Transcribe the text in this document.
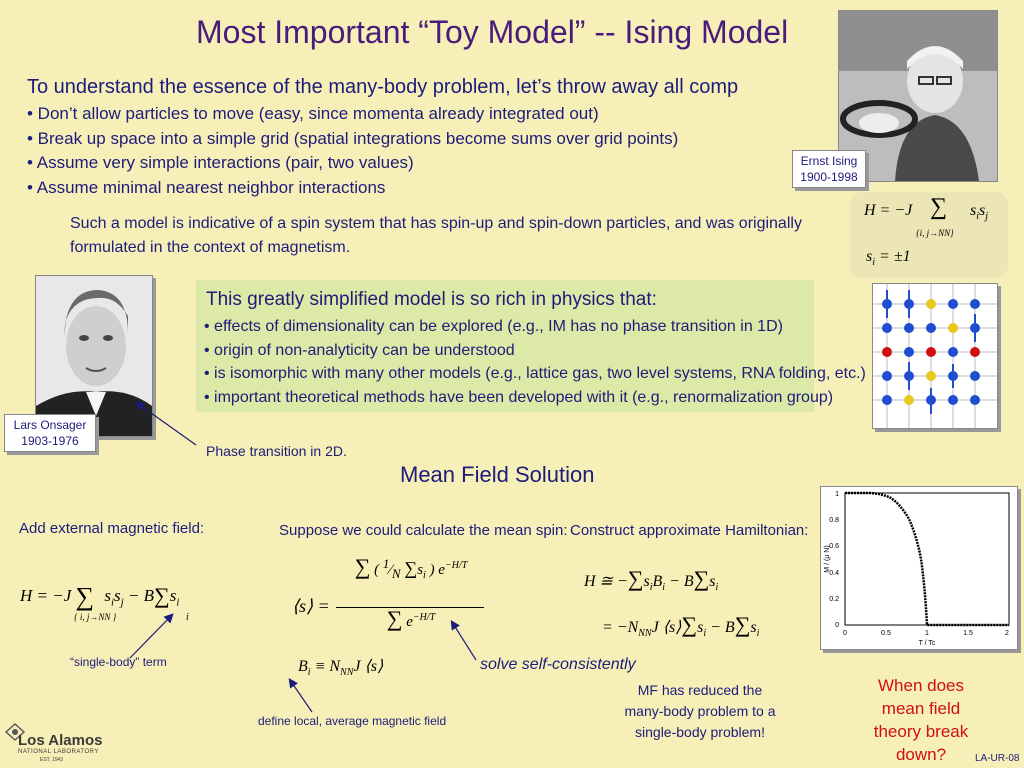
Most Important “Toy Model” -- Ising Model
To understand the essence of the many-body problem, let’s throw away all comp
• Don’t allow particles to move (easy, since momenta already integrated out)
• Break up space into a simple grid (spatial integrations become sums over grid points)
• Assume very simple interactions (pair, two values)
• Assume minimal nearest neighbor interactions
Such a model is indicative of a spin system that has spin-up and spin-down particles, and was originally formulated in the context of magnetism.
Ernst Ising
1900-1998
H = −J ∑
{i, j→NN}
$s_is_j$
$s_i = \pm 1$
This greatly simplified model is so rich in physics that:
• effects of dimensionality can be explored (e.g., IM has no phase transition in 1D)
• origin of non-analyticity can be understood
• is isomorphic with many other models (e.g., lattice gas, two level systems, RNA folding, etc.)
• important theoretical methods have been developed with it (e.g., renormalization group)
Lars Onsager
1903-1976
Phase transition in 2D.
Mean Field Solution
Add external magnetic field:	Suppose we could calculate the mean spin: Construct approximate Hamiltonian:
H = −J ∑ $s_is_j - B\sum s_i$
{ i, j→NN }	i
“single-body” term
⟨s⟩ =
∑ ( $^1⁄_N$ $\sum s_i$ ) $e^{-H/T}$
∑ $e^{-H/T}$
$B_i \equiv N_{NN}J$ ⟨s⟩
define local, average magnetic field
solve self-consistently
H ≅ $-\sum s_iB_i - B\sum s_i$
= $-N_{NN}J$ $⟨s⟩\sum s_i - B\sum s_i$
MF has reduced the
many-body problem to a
single-body problem!
1
0.8
0.6
0.4
0.2
0
0	0.5	1	1.5	2
T / Tc
M / (μ N)
When does
mean field
theory break
down?
Los Alamos
NATIONAL LABORATORY
EST. 1943	LA-UR-08
